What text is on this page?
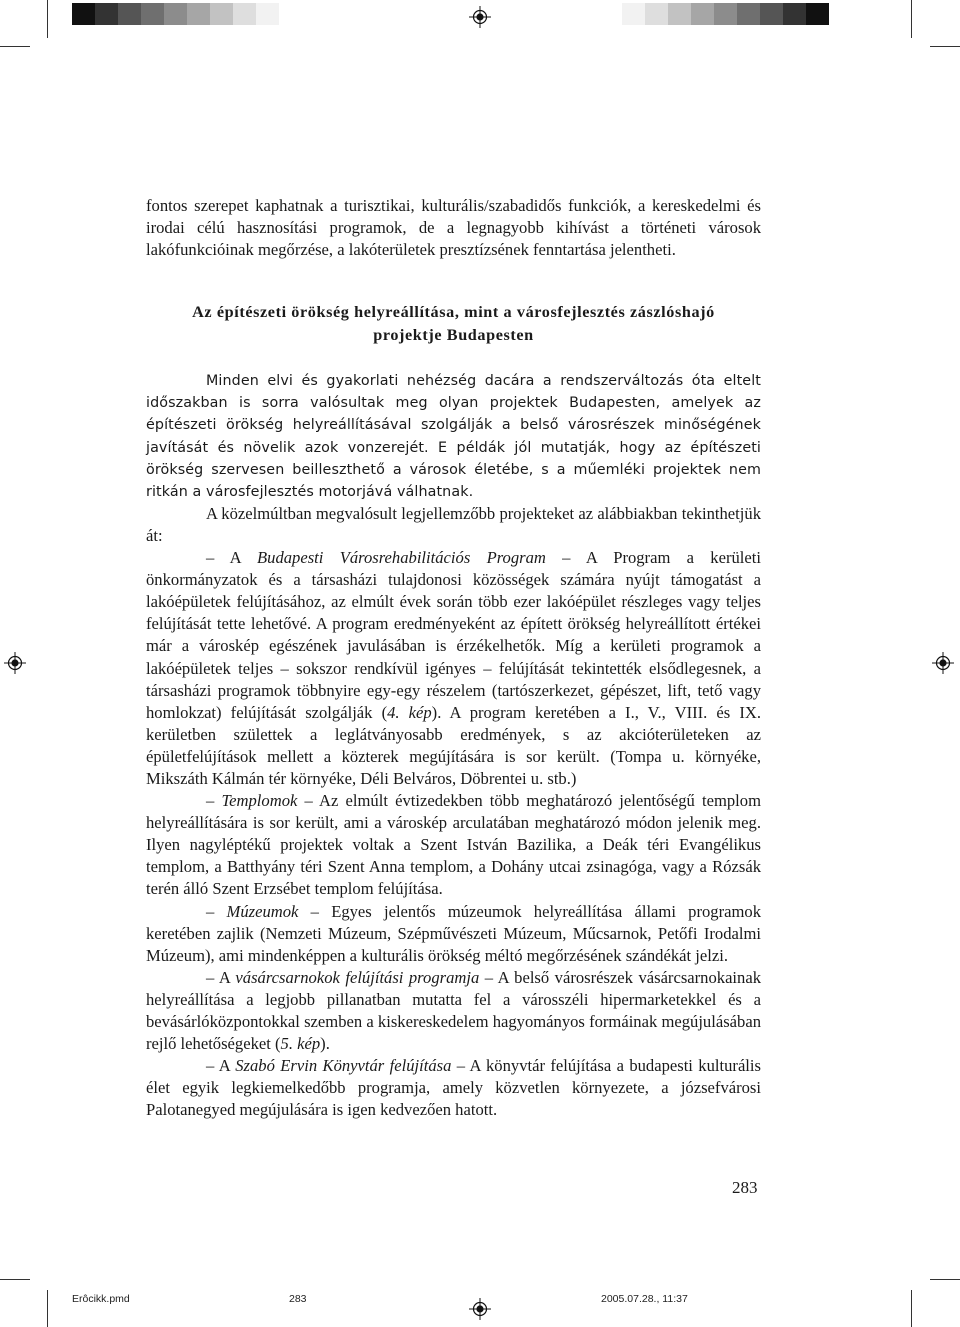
fontos szerepet kaphatnak a turisztikai, kulturális/szabadidős funkciók, a kereskedelmi és irodai célú hasznosítási programok, de a legnagyobb kihívást a történeti városok lakófunkcióinak megőrzése, a lakóterületek presztízsének fenntartása jelentheti.

Az építészeti örökség helyreállítása, mint a városfejlesztés zászlóshajó
projektje Budapesten

Minden elvi és gyakorlati nehézség dacára a rendszerváltozás óta eltelt időszakban is sorra valósultak meg olyan projektek Budapesten, amelyek az építészeti örökség helyreállításával szolgálják a belső városrészek minőségének javítását és növelik azok vonzerejét. E példák jól mutatják, hogy az építészeti örökség szervesen beilleszthető a városok életébe, s a műemléki projektek nem ritkán a városfejlesztés motorjává válhatnak.

A közelmúltban megvalósult legjellemzőbb projekteket az alábbiakban tekinthetjük át:

– A Budapesti Városrehabilitációs Program – A Program a kerületi önkormányzatok és a társasházi tulajdonosi közösségek számára nyújt támogatást a lakóépületek felújításához, az elmúlt évek során több ezer lakóépület részleges vagy teljes felújítását tette lehetővé. A program eredményeként az épített örökség helyreállított értékei már a városkép egészének javulásában is érzékelhetők. Míg a kerületi programok a lakóépületek teljes – sokszor rendkívül igényes – felújítását tekintették elsődlegesnek, a társasházi programok többnyire egy-egy részelem (tartószerkezet, gépészet, lift, tető vagy homlokzat) felújítását szolgálják (4. kép). A program keretében a I., V., VIII. és IX. kerületben születtek a leglátványosabb eredmények, s az akcióterületeken az épületfelújítások mellett a közterek megújítására is sor került. (Tompa u. környéke, Mikszáth Kálmán tér környéke, Déli Belváros, Döbrentei u. stb.)

– Templomok – Az elmúlt évtizedekben több meghatározó jelentőségű templom helyreállítására is sor került, ami a városkép arculatában meghatározó módon jelenik meg. Ilyen nagyléptékű projektek voltak a Szent István Bazilika, a Deák téri Evangélikus templom, a Batthyány téri Szent Anna templom, a Dohány utcai zsinagóga, vagy a Rózsák terén álló Szent Erzsébet templom felújítása.

– Múzeumok – Egyes jelentős múzeumok helyreállítása állami programok keretében zajlik (Nemzeti Múzeum, Szépművészeti Múzeum, Műcsarnok, Petőfi Irodalmi Múzeum), ami mindenképpen a kulturális örökség méltó megőrzésének szándékát jelzi.

– A vásárcsarnokok felújítási programja – A belső városrészek vásárcsarnokainak helyreállítása a legjobb pillanatban mutatta fel a városszéli hipermarketekkel és a bevásárlóközpontokkal szemben a kiskereskedelem hagyományos formáinak megújulásában rejlő lehetőségeket (5. kép).

– A Szabó Ervin Könyvtár felújítása – A könyvtár felújítása a budapesti kulturális élet egyik legkiemelkedőbb programja, amely közvetlen környezete, a józsefvárosi Palotanegyed megújulására is igen kedvezően hatott.

283
Erôcikk.pmd	283	2005.07.28., 11:37
